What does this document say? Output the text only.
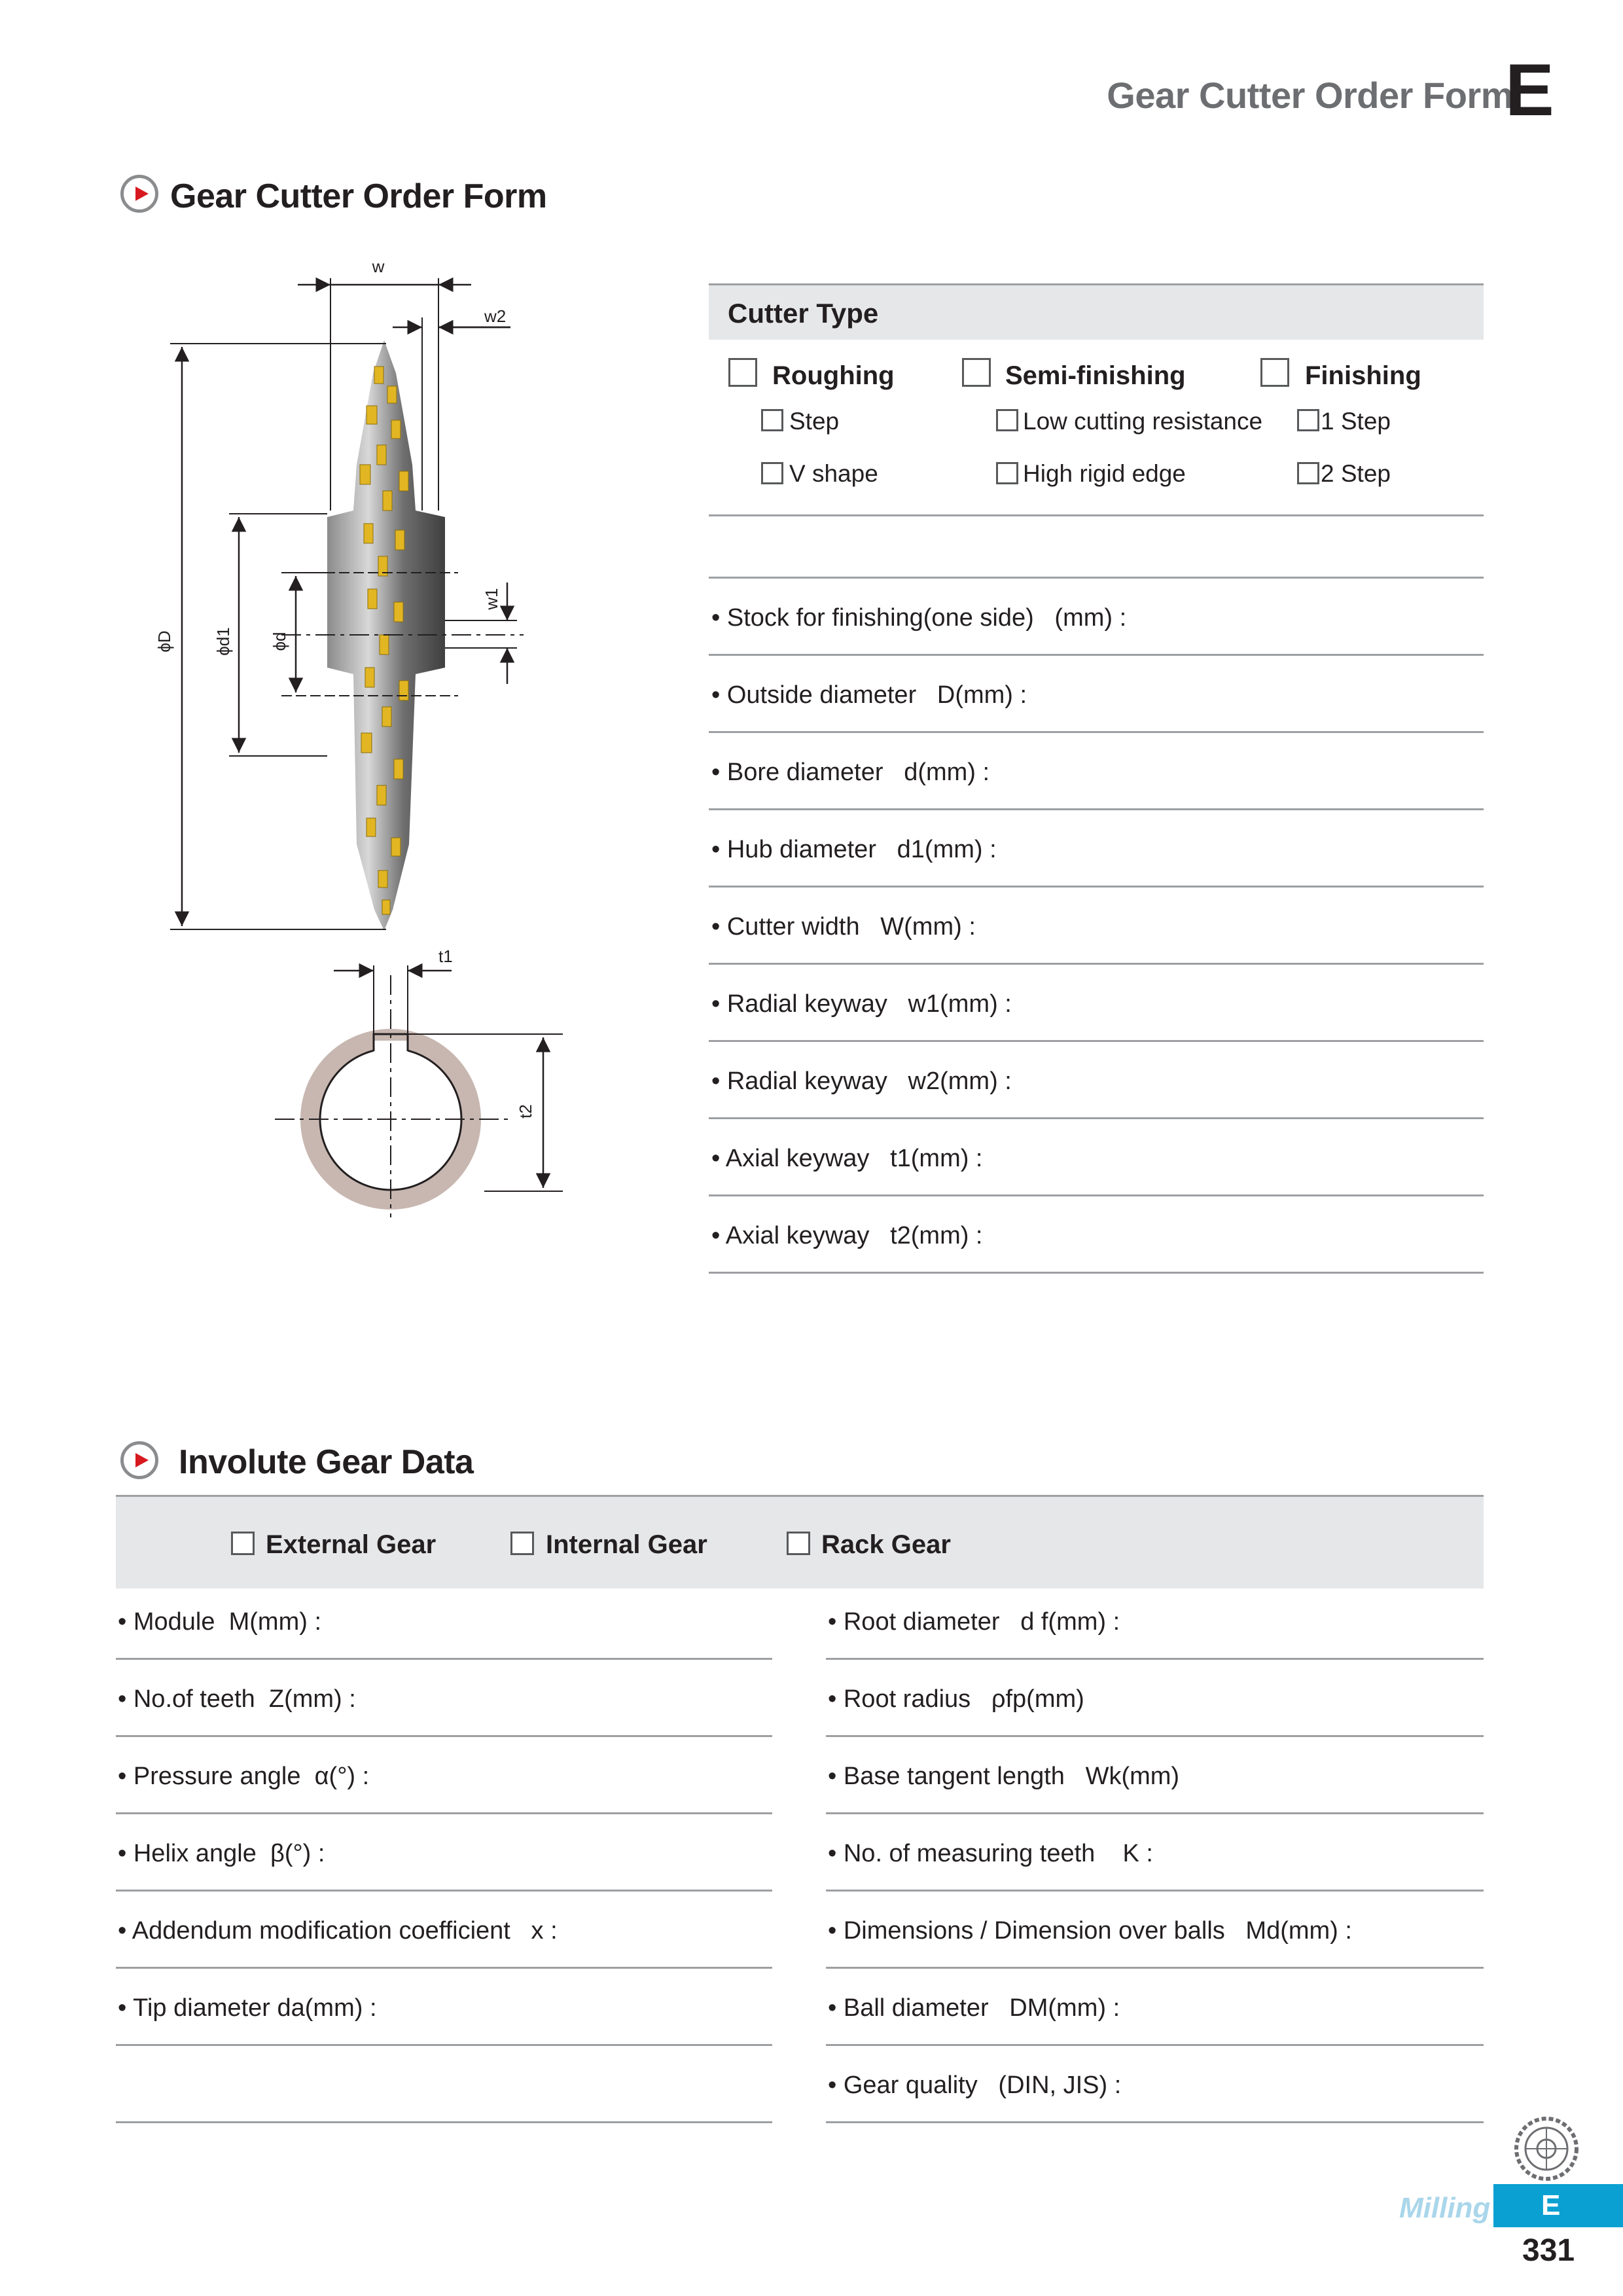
Gear Cutter Order Form
E
Gear Cutter Order Form
w
w2
w1
ϕD ϕd1 ϕd
t1
t2
Cutter Type
Roughing
Step
V shape
Semi-finishing
Low cutting resistance
High rigid edge
Finishing
1 Step
2 Step
• Stock for finishing(one side)   (mm) :
• Outside diameter   D(mm) :
• Bore diameter   d(mm) :
• Hub diameter   d1(mm) :
• Cutter width   W(mm) :
• Radial keyway   w1(mm) :
• Radial keyway   w2(mm) :
• Axial keyway   t1(mm) :
• Axial keyway   t2(mm) :
Involute Gear Data
External Gear	Internal Gear	Rack Gear
• Module  M(mm) :
• No.of teeth  Z(mm) :
• Pressure angle  α(°) :
• Helix angle  β(°) :
• Addendum modification coefficient   x :
• Tip diameter da(mm) :
• Root diameter   d f(mm) :
• Root radius   ρfp(mm)
• Base tangent length   Wk(mm)
• No. of measuring teeth    K :
• Dimensions / Dimension over balls   Md(mm) :
• Ball diameter   DM(mm) :
• Gear quality   (DIN, JIS) :
Milling E
331
